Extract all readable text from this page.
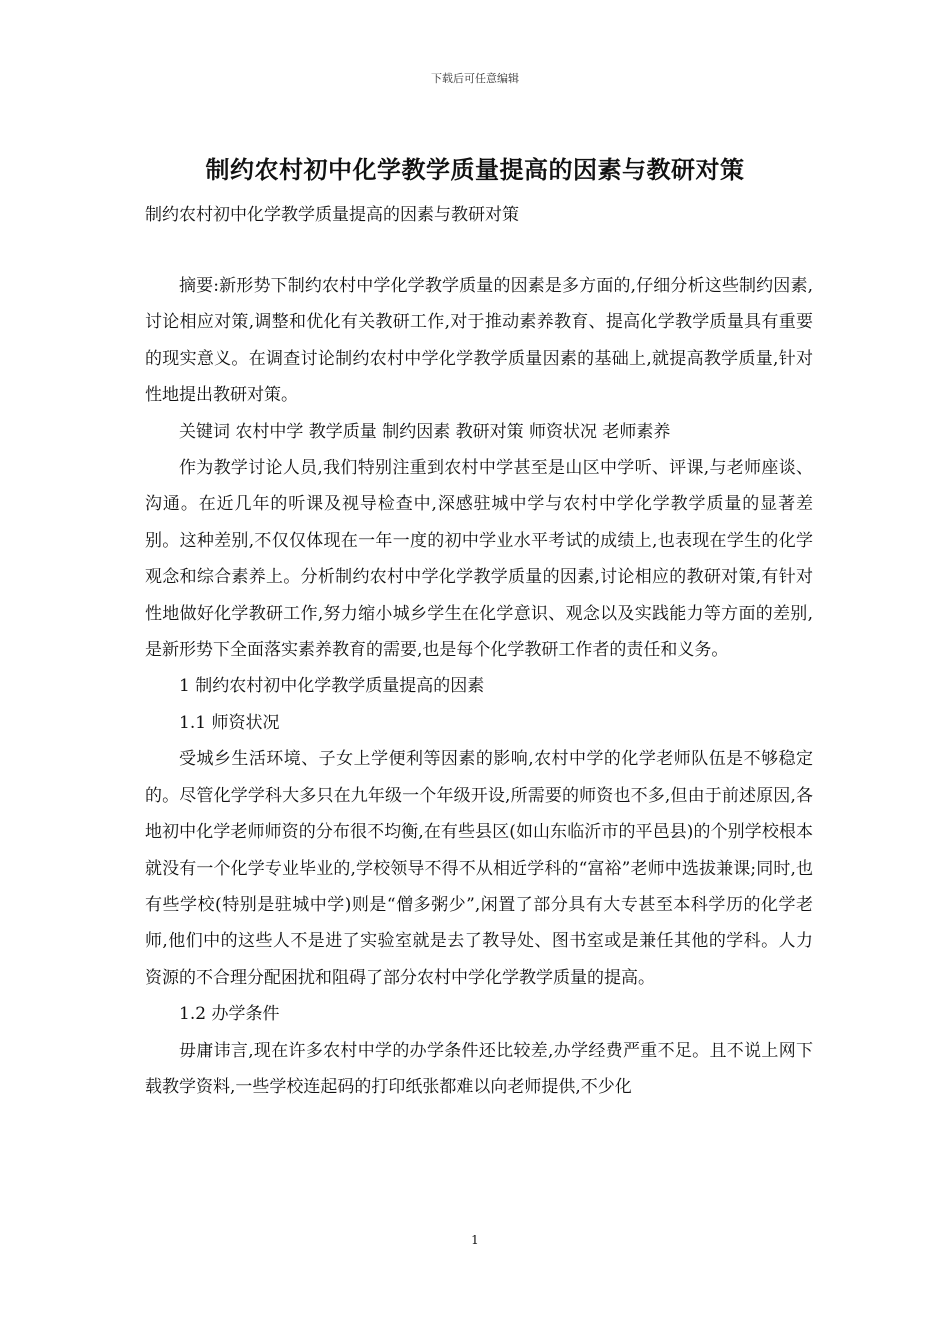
下载后可任意编辑
制约农村初中化学教学质量提高的因素与教研对策
制约农村初中化学教学质量提高的因素与教研对策

摘要:新形势下制约农村中学化学教学质量的因素是多方面的,仔细分析这些制约因素,讨论相应对策,调整和优化有关教研工作,对于推动素养教育、提高化学教学质量具有重要的现实意义。在调查讨论制约农村中学化学教学质量因素的基础上,就提高教学质量,针对性地提出教研对策。

关键词 农村中学 教学质量 制约因素 教研对策 师资状况 老师素养

作为教学讨论人员,我们特别注重到农村中学甚至是山区中学听、评课,与老师座谈、沟通。在近几年的听课及视导检查中,深感驻城中学与农村中学化学教学质量的显著差别。这种差别,不仅仅体现在一年一度的初中学业水平考试的成绩上,也表现在学生的化学观念和综合素养上。分析制约农村中学化学教学质量的因素,讨论相应的教研对策,有针对性地做好化学教研工作,努力缩小城乡学生在化学意识、观念以及实践能力等方面的差别,是新形势下全面落实素养教育的需要,也是每个化学教研工作者的责任和义务。

1 制约农村初中化学教学质量提高的因素

1.1 师资状况

受城乡生活环境、子女上学便利等因素的影响,农村中学的化学老师队伍是不够稳定的。尽管化学学科大多只在九年级一个年级开设,所需要的师资也不多,但由于前述原因,各地初中化学老师师资的分布很不均衡,在有些县区(如山东临沂市的平邑县)的个别学校根本就没有一个化学专业毕业的,学校领导不得不从相近学科的“富裕”老师中选拔兼课;同时,也有些学校(特别是驻城中学)则是“僧多粥少”,闲置了部分具有大专甚至本科学历的化学老师,他们中的这些人不是进了实验室就是去了教导处、图书室或是兼任其他的学科。人力资源的不合理分配困扰和阻碍了部分农村中学化学教学质量的提高。

1.2 办学条件

毋庸讳言,现在许多农村中学的办学条件还比较差,办学经费严重不足。且不说上网下载教学资料,一些学校连起码的打印纸张都难以向老师提供,不少化

1
